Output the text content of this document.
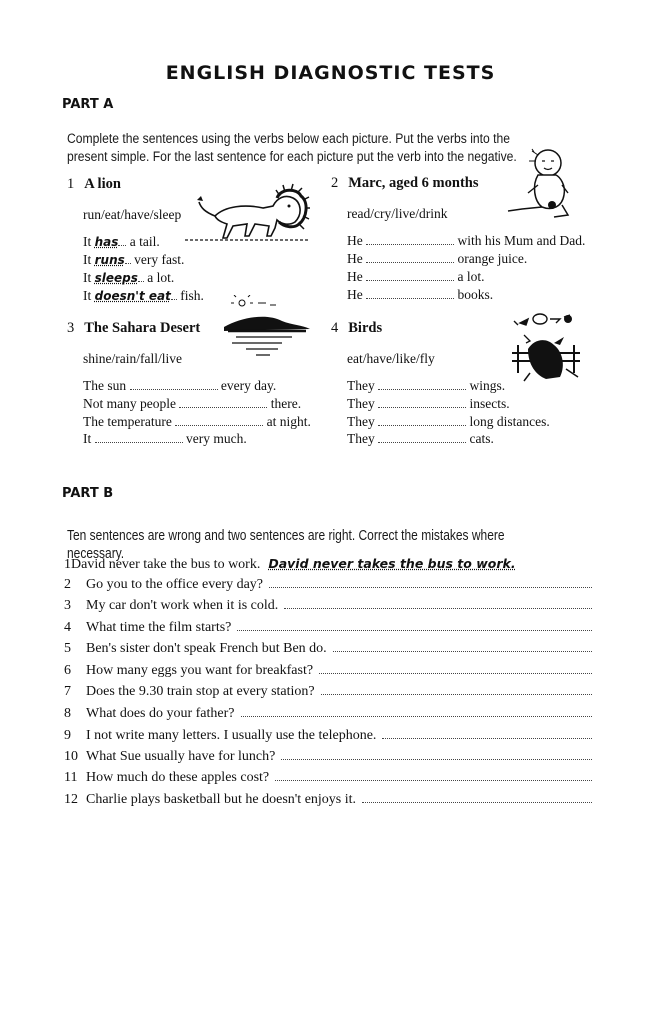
ENGLISH DIAGNOSTIC TESTS
PART A
Complete the sentences using the verbs below each picture. Put the verbs into the
present simple. For the last sentence for each picture put the verb into the negative.
1 A lion
run/eat/have/sleep
It has a tail.
It runs very fast.
It sleeps a lot.
It doesn't eat fish.
2 Marc, aged 6 months
read/cry/live/drink
He	with his Mum and Dad.
He	orange juice.
He	a lot.
He	books.
3 The Sahara Desert
shine/rain/fall/live
The sun	every day.
Not many people	there.
The temperature	at night.
It	very much.
4 Birds
eat/have/like/fly
They	wings.
They	insects.
They	long distances.
They	cats.
PART B
Ten sentences are wrong and two sentences are right. Correct the mistakes where necessary.
1 David never take the bus to work. David never takes the bus to work.
2	Go you to the office every day?
3	My car don't work when it is cold.
4	What time the film starts?
5	Ben's sister don't speak French but Ben do.
6	How many eggs you want for breakfast?
7	Does the 9.30 train stop at every station?
8	What does do your father?
9	I not write many letters. I usually use the telephone.
10 What Sue usually have for lunch?
11 How much do these apples cost?
12 Charlie plays basketball but he doesn't enjoys it.
